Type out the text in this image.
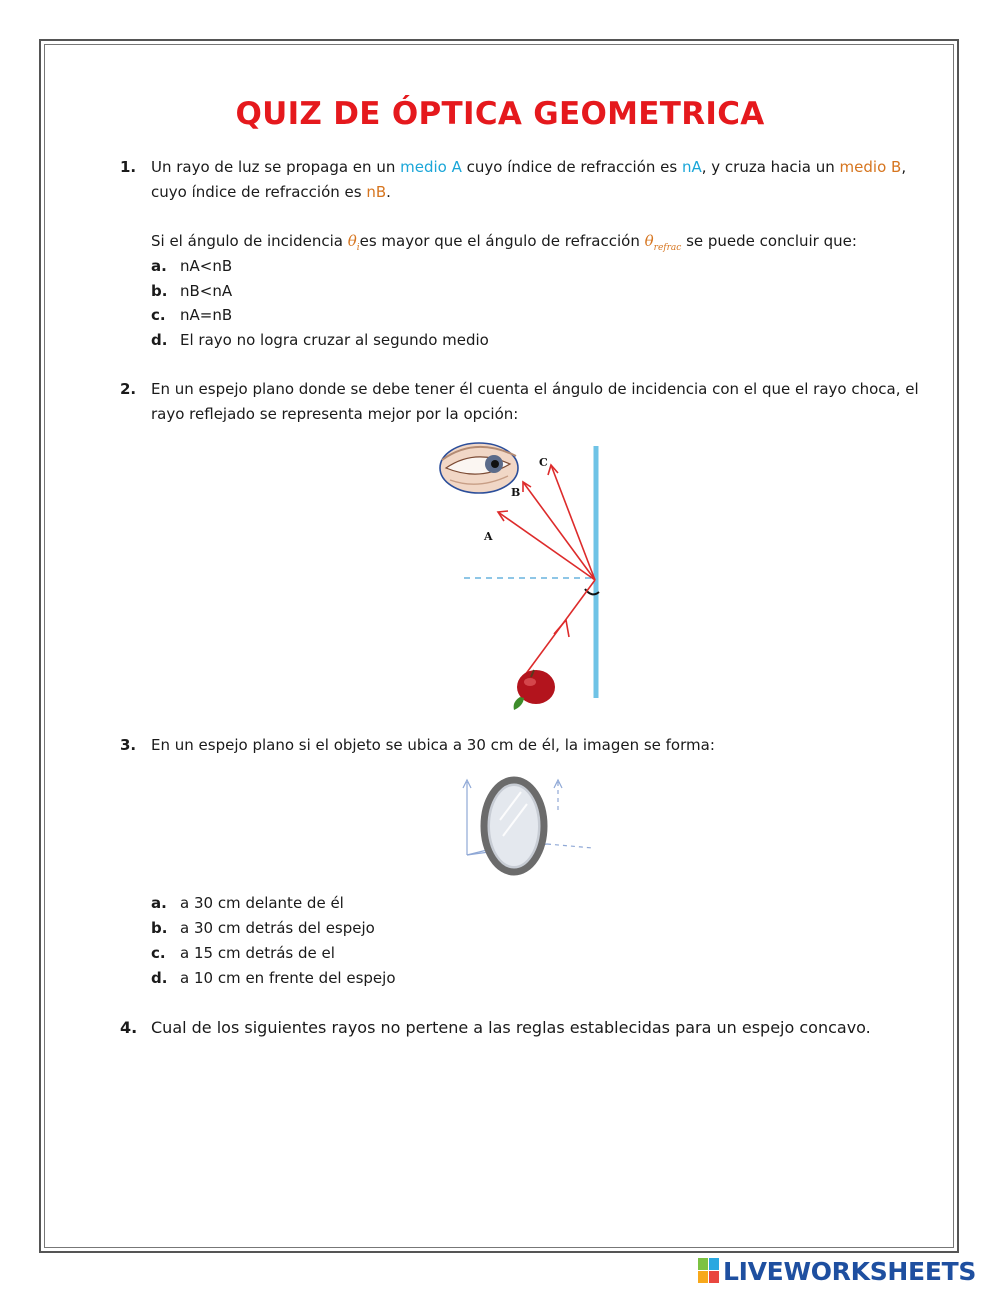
QUIZ DE ÓPTICA GEOMETRICA
1. Un rayo de luz se propaga en un medio A cuyo índice de refracción es nA, y cruza hacia un medio B,
cuyo índice de refracción es nB.
Si el ángulo de incidencia $\theta_ies$ mayor que el ángulo de refracción $\theta_{refrac}$ se puede concluir que:
a. nA<nB
b. nB<nA
c. nA=nB
d. El rayo no logra cruzar al segundo medio
2. En un espejo plano donde se debe tener él cuenta el ángulo de incidencia con el que el rayo choca, el rayo reflejado se representa mejor por la opción:
A
B
C
3. En un espejo plano si el objeto se ubica a 30 cm de él, la imagen se forma:
a. a 30 cm delante de él
b. a 30 cm detrás del espejo
c. a 15 cm detrás de el
d. a 10 cm en frente del espejo
4. Cual de los siguientes rayos no pertene a las reglas establecidas para un espejo concavo.
LIVEWORKSHEETS
